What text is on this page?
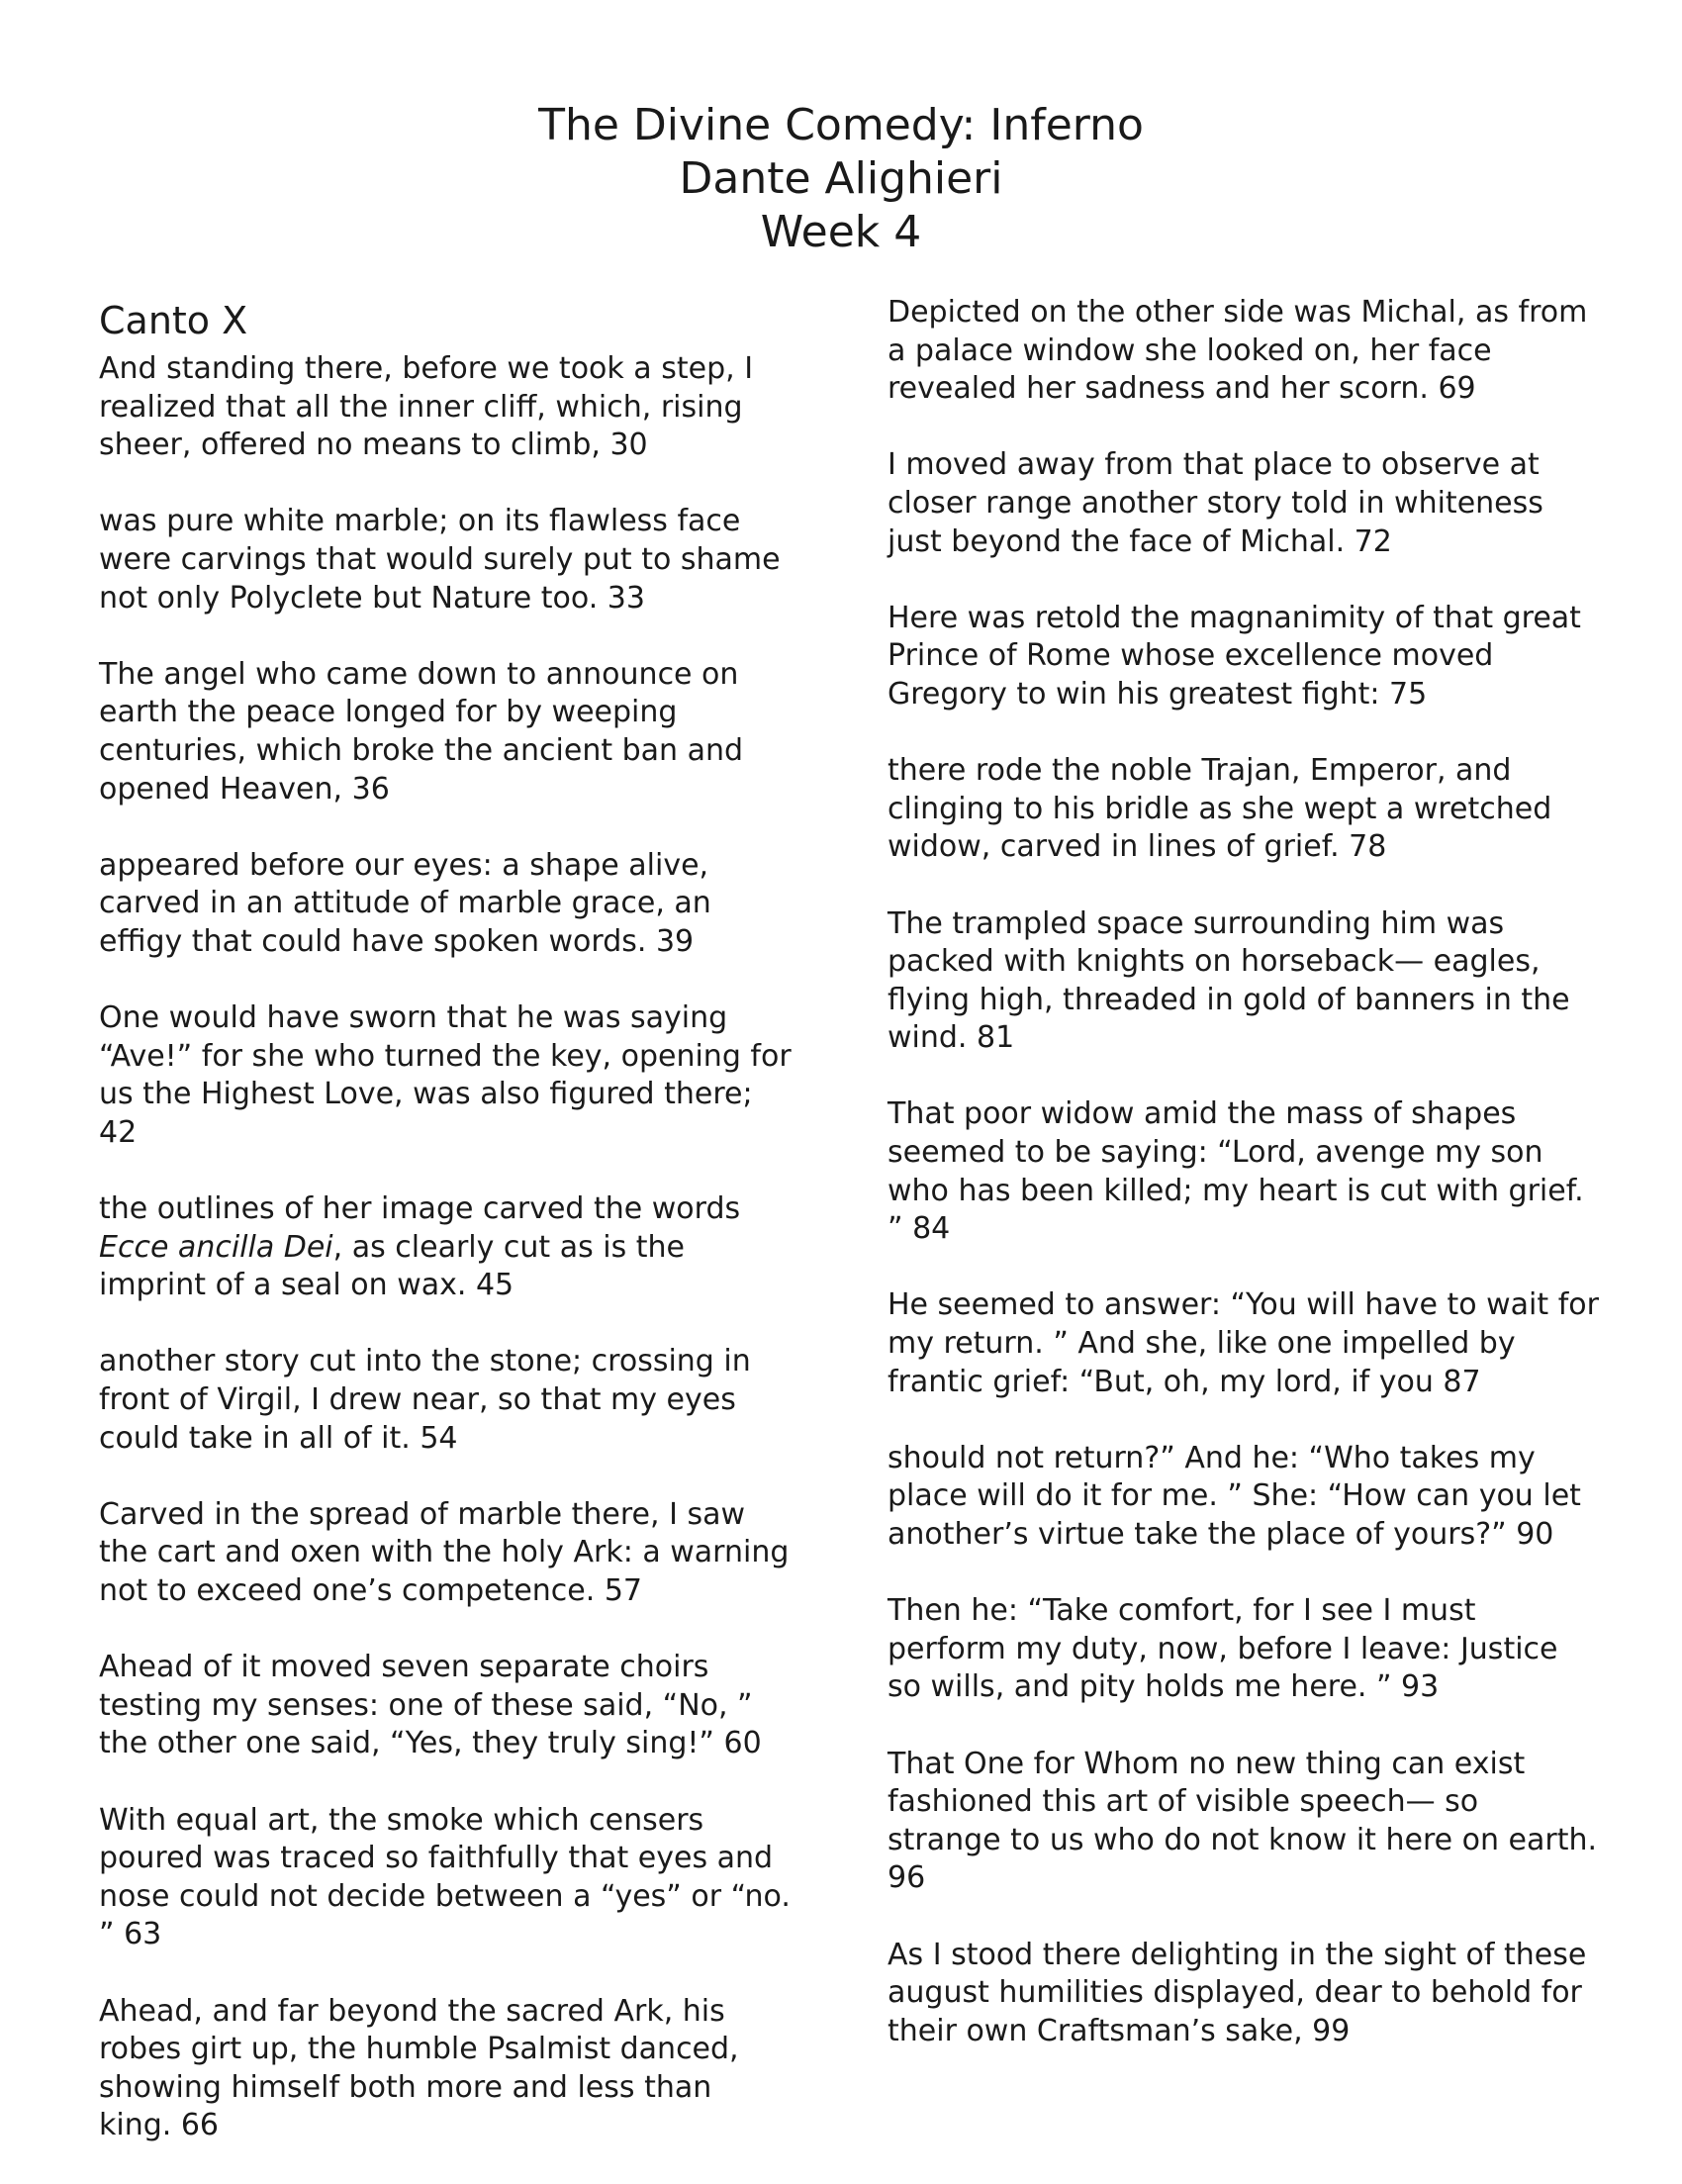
The Divine Comedy: Inferno
Dante Alighieri
Week 4
Canto X

And standing there, before we took a step, I realized that all the inner cliff, which, rising sheer, offered no means to climb, 30

was pure white marble; on its flawless face were carvings that would surely put to shame not only Polyclete but Nature too. 33

The angel who came down to announce on earth the peace longed for by weeping centuries, which broke the ancient ban and opened Heaven, 36

appeared before our eyes: a shape alive, carved in an attitude of marble grace, an effigy that could have spoken words. 39

One would have sworn that he was saying “Ave!” for she who turned the key, opening for us the Highest Love, was also figured there; 42

the outlines of her image carved the words Ecce ancilla Dei, as clearly cut as is the imprint of a seal on wax. 45

another story cut into the stone; crossing in front of Virgil, I drew near, so that my eyes could take in all of it. 54

Carved in the spread of marble there, I saw the cart and oxen with the holy Ark: a warning not to exceed one’s competence. 57

Ahead of it moved seven separate choirs testing my senses: one of these said, “No, ” the other one said, “Yes, they truly sing!” 60

With equal art, the smoke which censers poured was traced so faithfully that eyes and nose could not decide between a “yes” or “no. ” 63

Ahead, and far beyond the sacred Ark, his robes girt up, the humble Psalmist danced, showing himself both more and less than king. 66

Depicted on the other side was Michal, as from a palace window she looked on, her face revealed her sadness and her scorn. 69

I moved away from that place to observe at closer range another story told in whiteness just beyond the face of Michal. 72

Here was retold the magnanimity of that great Prince of Rome whose excellence moved Gregory to win his greatest fight: 75

there rode the noble Trajan, Emperor, and clinging to his bridle as she wept a wretched widow, carved in lines of grief. 78

The trampled space surrounding him was packed with knights on horseback— eagles, flying high, threaded in gold of banners in the wind. 81

That poor widow amid the mass of shapes seemed to be saying: “Lord, avenge my son who has been killed; my heart is cut with grief. ” 84

He seemed to answer: “You will have to wait for my return. ” And she, like one impelled by frantic grief: “But, oh, my lord, if you 87

should not return?” And he: “Who takes my place will do it for me. ” She: “How can you let another’s virtue take the place of yours?” 90

Then he: “Take comfort, for I see I must perform my duty, now, before I leave: Justice so wills, and pity holds me here. ” 93

That One for Whom no new thing can exist fashioned this art of visible speech— so strange to us who do not know it here on earth. 96

As I stood there delighting in the sight of these august humilities displayed, dear to behold for their own Craftsman’s sake, 99
